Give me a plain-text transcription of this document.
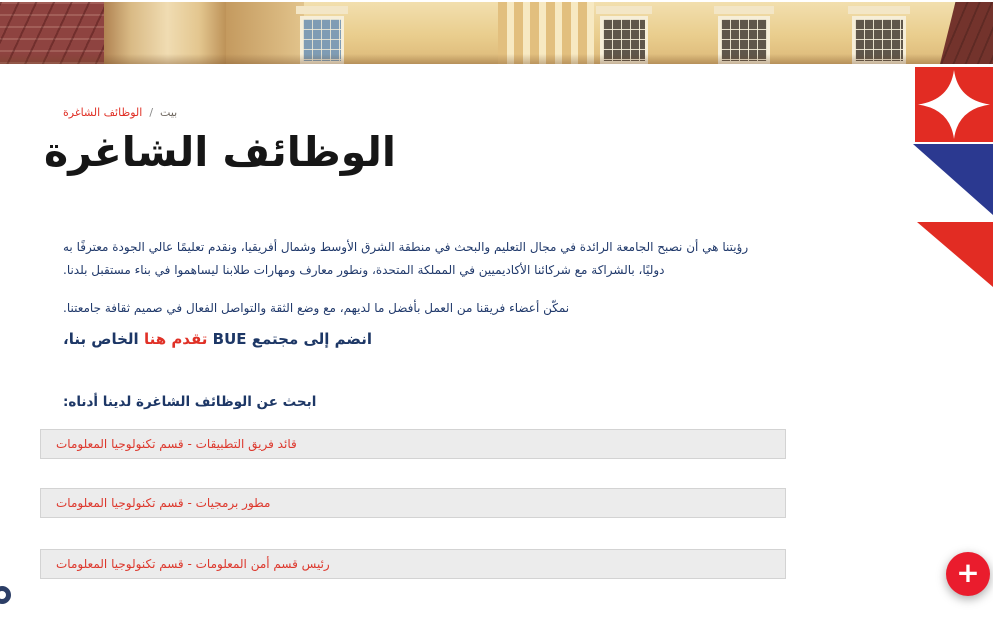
الوظائف الشاغرة / بيت
الوظائف الشاغرة

رؤيتنا هي أن نصبح الجامعة الرائدة في مجال التعليم والبحث في منطقة الشرق الأوسط وشمال أفريقيا، ونقدم تعليمًا عالي الجودة معترفًا به دوليًا، بالشراكة مع شركائنا الأكاديميين في المملكة المتحدة، ونطور معارف ومهارات طلابنا ليساهموا في بناء مستقبل بلدنا.

نمكّن أعضاء فريقنا من العمل بأفضل ما لديهم، مع وضع الثقة والتواصل الفعال في صميم ثقافة جامعتنا.

الخاص بنا، تقدم هنا BUE انضم إلى مجتمع
ابحث عن الوظائف الشاغرة لدينا أدناه:
قائد فريق التطبيقات - قسم تكنولوجيا المعلومات
مطور برمجيات - قسم تكنولوجيا المعلومات
رئيس قسم أمن المعلومات - قسم تكنولوجيا المعلومات	+
